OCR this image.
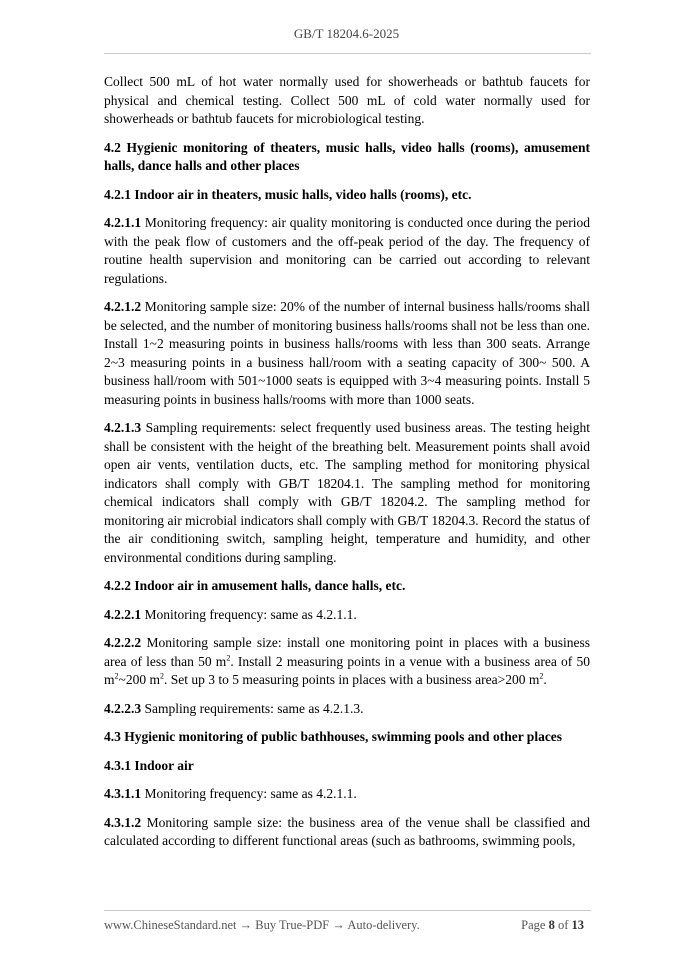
GB/T 18204.6-2025

Collect 500 mL of hot water normally used for showerheads or bathtub faucets for physical and chemical testing. Collect 500 mL of cold water normally used for showerheads or bathtub faucets for microbiological testing.

4.2 Hygienic monitoring of theaters, music halls, video halls (rooms), amusement halls, dance halls and other places

4.2.1 Indoor air in theaters, music halls, video halls (rooms), etc.

4.2.1.1 Monitoring frequency: air quality monitoring is conducted once during the period with the peak flow of customers and the off-peak period of the day. The frequency of routine health supervision and monitoring can be carried out according to relevant regulations.

4.2.1.2 Monitoring sample size: 20% of the number of internal business halls/rooms shall be selected, and the number of monitoring business halls/rooms shall not be less than one. Install 1~2 measuring points in business halls/rooms with less than 300 seats. Arrange 2~3 measuring points in a business hall/room with a seating capacity of 300~ 500. A business hall/room with 501~1000 seats is equipped with 3~4 measuring points. Install 5 measuring points in business halls/rooms with more than 1000 seats.

4.2.1.3 Sampling requirements: select frequently used business areas. The testing height shall be consistent with the height of the breathing belt. Measurement points shall avoid open air vents, ventilation ducts, etc. The sampling method for monitoring physical indicators shall comply with GB/T 18204.1. The sampling method for monitoring chemical indicators shall comply with GB/T 18204.2. The sampling method for monitoring air microbial indicators shall comply with GB/T 18204.3. Record the status of the air conditioning switch, sampling height, temperature and humidity, and other environmental conditions during sampling.

4.2.2 Indoor air in amusement halls, dance halls, etc.

4.2.2.1 Monitoring frequency: same as 4.2.1.1.

4.2.2.2 Monitoring sample size: install one monitoring point in places with a business area of less than 50 $m^2$. Install 2 measuring points in a venue with a business area of 50 $m^2\sim 200$ $m^2$. Set up 3 to 5 measuring points in places with a business area>200 $m^2$.

4.2.2.3 Sampling requirements: same as 4.2.1.3.

4.3 Hygienic monitoring of public bathhouses, swimming pools and other places

4.3.1 Indoor air

4.3.1.1 Monitoring frequency: same as 4.2.1.1.

4.3.1.2 Monitoring sample size: the business area of the venue shall be classified and calculated according to different functional areas (such as bathrooms, swimming pools,

www.ChineseStandard.net → Buy True-PDF → Auto-delivery.	Page 8 of 13
